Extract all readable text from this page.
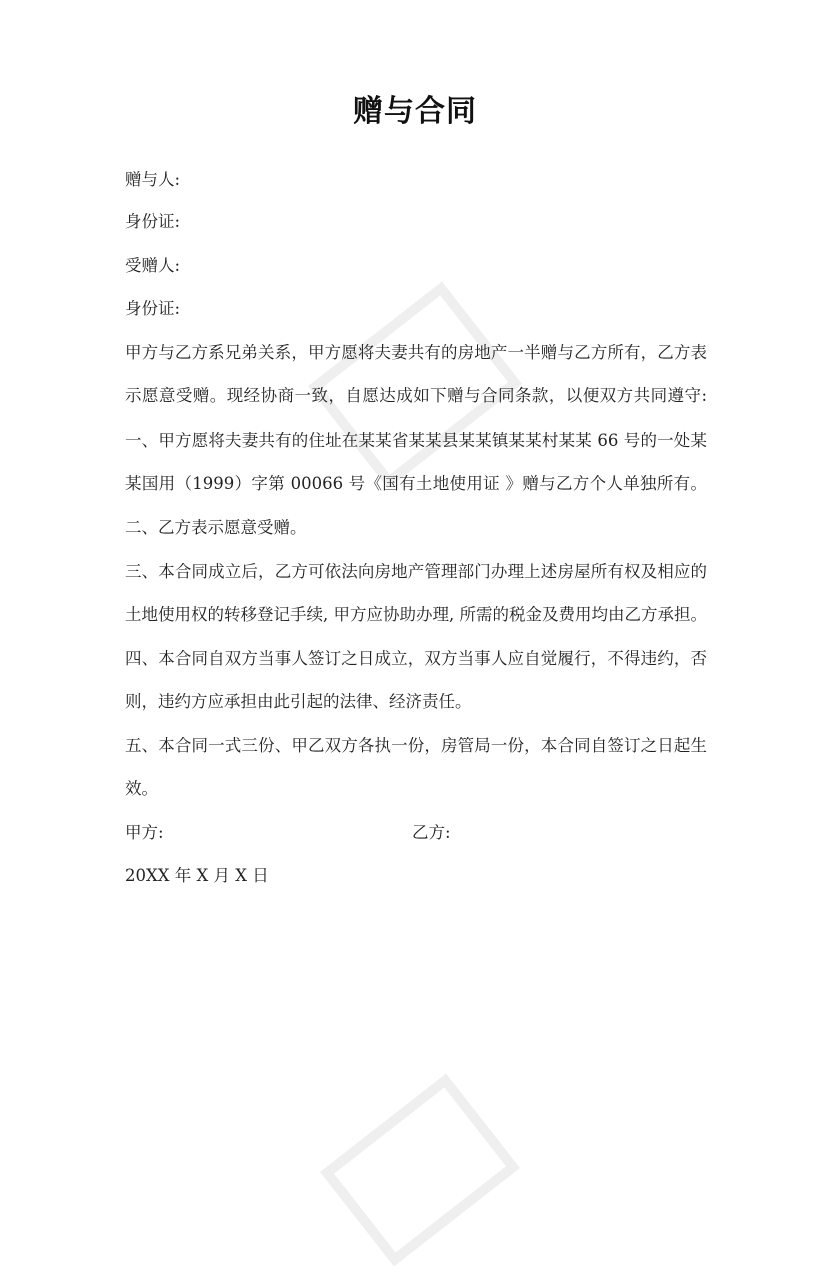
赠与合同
赠与人:
身份证:
受赠人:
身份证:
甲方与乙方系兄弟关系，甲方愿将夫妻共有的房地产一半赠与乙方所有，乙方表
示愿意受赠。现经协商一致，自愿达成如下赠与合同条款，以便双方共同遵守:
一、甲方愿将夫妻共有的住址在某某省某某县某某镇某某村某某 66 号的一处某
某国用（1999）字第 00066 号《国有土地使用证 》赠与乙方个人单独所有。
二、乙方表示愿意受赠。
三、本合同成立后，乙方可依法向房地产管理部门办理上述房屋所有权及相应的
土地使用权的转移登记手续, 甲方应协助办理, 所需的税金及费用均由乙方承担。
四、本合同自双方当事人签订之日成立，双方当事人应自觉履行，不得违约，否
则，违约方应承担由此引起的法律、经济责任。
五、本合同一式三份、甲乙双方各执一份，房管局一份，本合同自签订之日起生
效。
甲方:	乙方:
20XX 年 X 月 X 日
